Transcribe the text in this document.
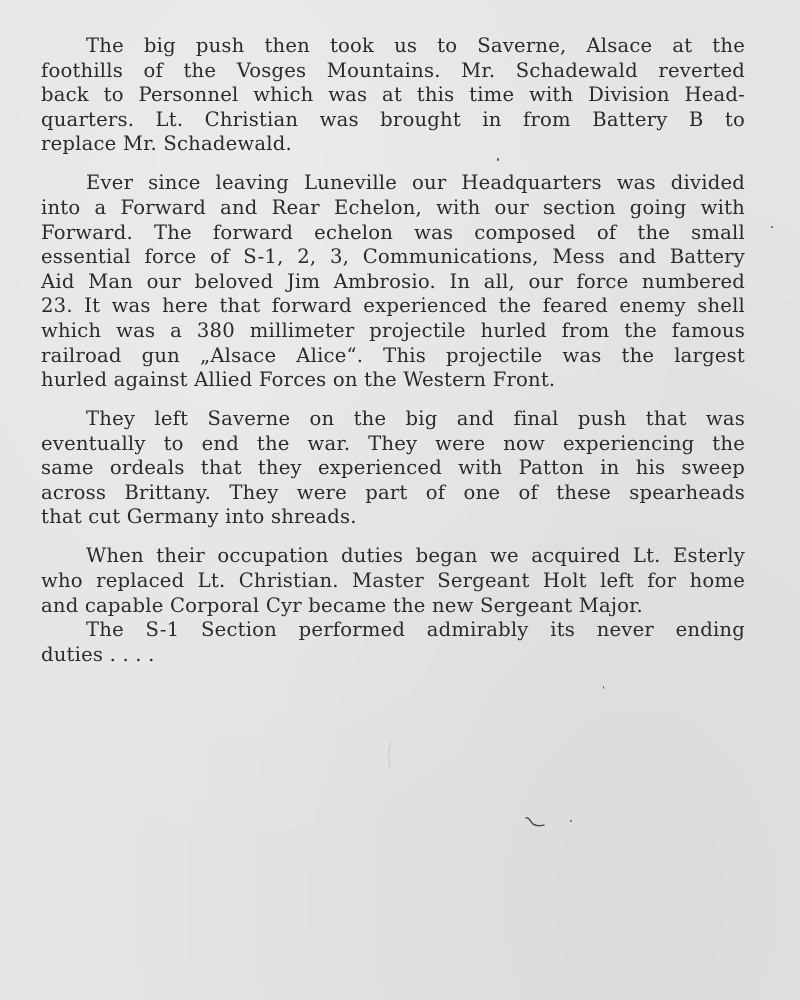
The big push then took us to Saverne, Alsace at the
foothills of the Vosges Mountains. Mr. Schadewald reverted
back to Personnel which was at this time with Division Head-
quarters. Lt. Christian was brought in from Battery B to
replace Mr. Schadewald.
Ever since leaving Luneville our Headquarters was divided
into a Forward and Rear Echelon, with our section going with
Forward. The forward echelon was composed of the small
essential force of S-1, 2, 3, Communications, Mess and Battery
Aid Man our beloved Jim Ambrosio. In all, our force numbered
23. It was here that forward experienced the feared enemy shell
which was a 380 millimeter projectile hurled from the famous
railroad gun „Alsace Alice“. This projectile was the largest
hurled against Allied Forces on the Western Front.
They left Saverne on the big and final push that was
eventually to end the war. They were now experiencing the
same ordeals that they experienced with Patton in his sweep
across Brittany. They were part of one of these spearheads
that cut Germany into shreads.
When their occupation duties began we acquired Lt. Esterly
who replaced Lt. Christian. Master Sergeant Holt left for home
and capable Corporal Cyr became the new Sergeant Major.
The S-1 Section performed admirably its never ending
duties . . . .
